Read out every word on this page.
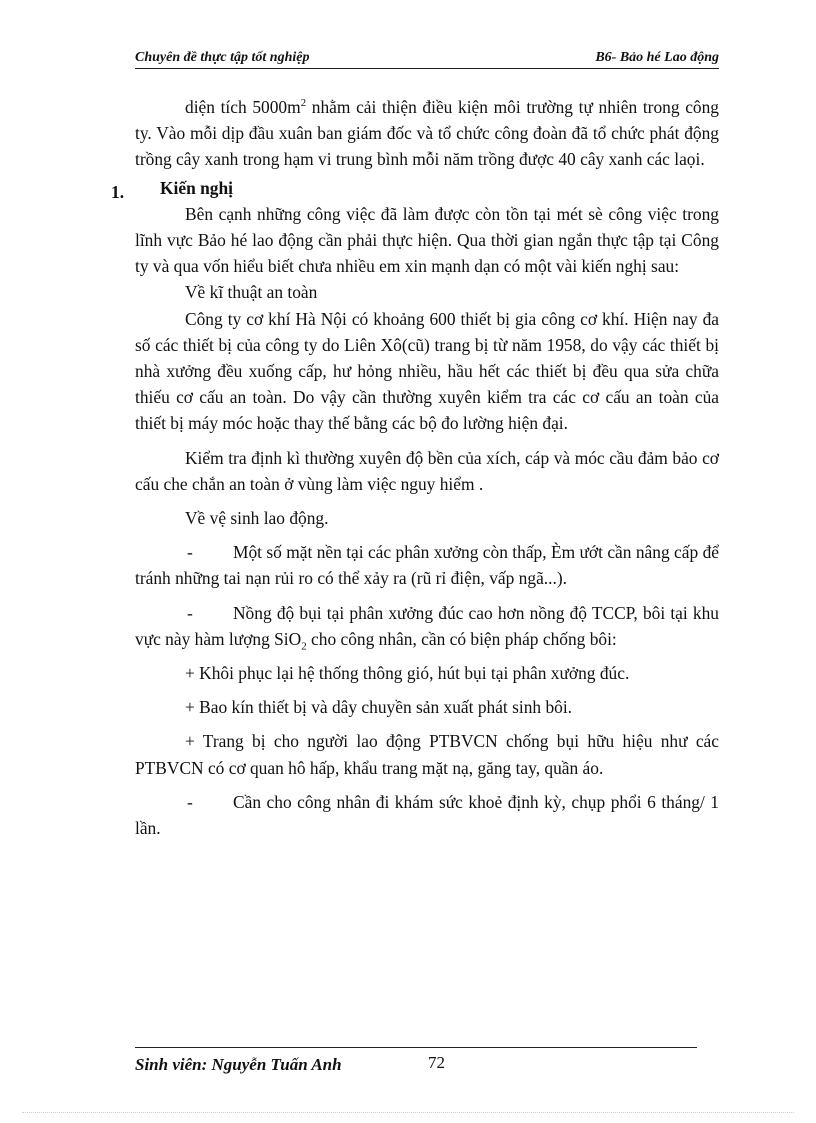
Chuyên đề thực tập tốt nghiệp	B6- Bảo hé Lao động

diện tích $5000m^2$ nhằm cải thiện điều kiện môi trường tự nhiên trong công ty. Vào mỗi dịp đầu xuân ban giám đốc và tổ chức công đoàn đã tổ chức phát động trồng cây xanh trong hạm vi trung bình mỗi năm trồng được 40 cây xanh các laọi.

1. Kiến nghị

Bên cạnh những công việc đã làm được còn tồn tại mét sè công việc trong lĩnh vực Bảo hé lao động cần phải thực hiện. Qua thời gian ngắn thực tập tại Công ty và qua vốn hiểu biết chưa nhiều em xin mạnh dạn có một vài kiến nghị sau:

Về kĩ thuật an toàn

Công ty cơ khí Hà Nội có khoảng 600 thiết bị gia công cơ khí. Hiện nay đa số các thiết bị của công ty do Liên Xô(cũ) trang bị từ năm 1958, do vậy các thiết bị nhà xưởng đều xuống cấp, hư hỏng nhiều, hầu hết các thiết bị đều qua sửa chữa thiếu cơ cấu an toàn. Do vậy cần thường xuyên kiểm tra các cơ cấu an toàn của thiết bị máy móc hoặc thay thế bằng các bộ đo lường hiện đại.

Kiểm tra định kì thường xuyên độ bền của xích, cáp và móc cầu đảm bảo cơ cấu che chắn an toàn ở vùng làm việc nguy hiểm .

Về vệ sinh lao động.

- Một số mặt nền tại các phân xưởng còn thấp, Èm ướt cần nâng cấp để tránh những tai nạn rủi ro có thể xảy ra (rũ rỉ điện, vấp ngã...).

- Nồng độ bụi tại phân xưởng đúc cao hơn nồng độ TCCP, bôi tại khu vực này hàm lượng SiO$_2$ cho công nhân, cần có biện pháp chống bôi:

+ Khôi phục lại hệ thống thông gió, hút bụi tại phân xưởng đúc.

+ Bao kín thiết bị và dây chuyền sản xuất phát sinh bôi.

+ Trang bị cho người lao động PTBVCN chống bụi hữu hiệu như các PTBVCN có cơ quan hô hấp, khẩu trang mặt nạ, găng tay, quần áo.

- Cần cho công nhân đi khám sức khoẻ định kỳ, chụp phổi 6 tháng/ 1 lần.

Sinh viên: Nguyễn Tuấn Anh	72
